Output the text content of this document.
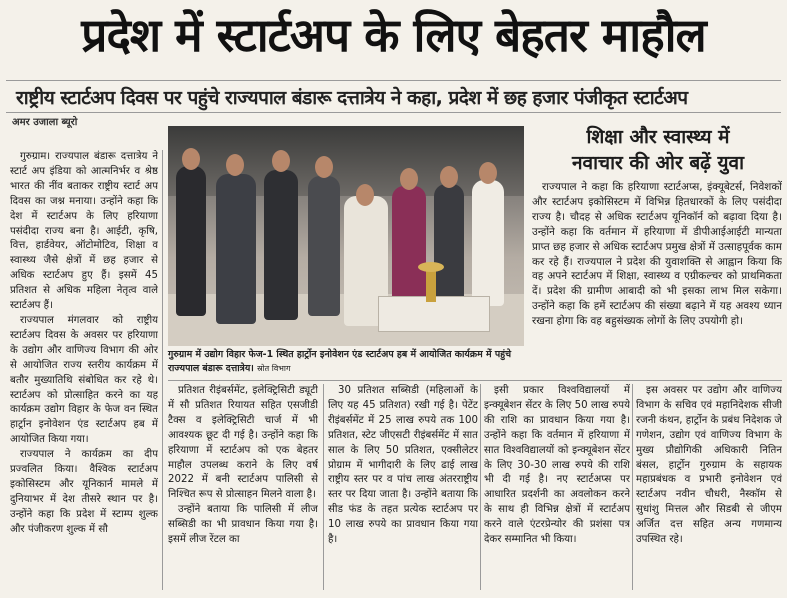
प्रदेश में स्टार्टअप के लिए बेहतर माहौल
राष्ट्रीय स्टार्टअप दिवस पर पहुंचे राज्यपाल बंडारू दत्तात्रेय ने कहा, प्रदेश में छह हजार पंजीकृत स्टार्टअप
अमर उजाला ब्यूरो

गुरुग्राम। राज्यपाल बंडारू दत्तात्रेय ने स्टार्ट अप इंडिया को आत्मनिर्भर व श्रेष्ठ भारत की नींव बताकर राष्ट्रीय स्टार्ट अप दिवस का जश्न मनाया। उन्होंने कहा कि देश में स्टार्टअप के लिए हरियाणा पसंदीदा राज्य बना है। आईटी, कृषि, वित्त, हार्डवेयर, ऑटोमोटिव, शिक्षा व स्वास्थ्य जैसे क्षेत्रों में छह हजार से अधिक स्टार्टअप हुए हैं। इसमें 45 प्रतिशत से अधिक महिला नेतृत्व वाले स्टार्टअप हैं।

राज्यपाल मंगलवार को राष्ट्रीय स्टार्टअप दिवस के अवसर पर हरियाणा के उद्योग और वाणिज्य विभाग की ओर से आयोजित राज्य स्तरीय कार्यक्रम में बतौर मुख्यातिथि संबोधित कर रहे थे। स्टार्टअप को प्रोत्साहित करने का यह कार्यक्रम उद्योग विहार के फेज वन स्थित हार्ट्रान इनोवेशन एंड स्टार्टअप हब में आयोजित किया गया।

राज्यपाल ने कार्यक्रम का दीप प्रज्वलित किया। वैश्विक स्टार्टअप इकोसिस्टम और यूनिकार्न मामले में दुनियाभर में देश तीसरे स्थान पर है। उन्होंने कहा कि प्रदेश में स्टाम्प शुल्क और पंजीकरण शुल्क में सौ

गुरुग्राम में उद्योग विहार फेज-1 स्थित हार्ट्रोन इनोवेशन एंड स्टार्टअप हब में आयोजित कार्यक्रम में पहुंचे राज्यपाल बंडारू दत्तात्रेय। स्रोत विभाग
शिक्षा और स्वास्थ्य में
नवाचार की ओर बढ़ें युवा

राज्यपाल ने कहा कि हरियाणा स्टार्टअप्स, इंक्यूबेटर्स, निवेशकों और स्टार्टअप इकोसिस्टम में विभिन्न हितधारकों के लिए पसंदीदा राज्य है। चौदह से अधिक स्टार्टअप यूनिकॉर्न को बढ़ावा दिया है। उन्होंने कहा कि वर्तमान में हरियाणा में डीपीआईआईटी मान्यता प्राप्त छह हजार से अधिक स्टार्टअप प्रमुख क्षेत्रों में उत्साहपूर्वक काम कर रहे हैं। राज्यपाल ने प्रदेश की युवाशक्ति से आह्वान किया कि वह अपने स्टार्टअप में शिक्षा, स्वास्थ्य व एग्रीकल्चर को प्राथमिकता दें। प्रदेश की ग्रामीण आबादी को भी इसका लाभ मिल सकेगा। उन्होंने कहा कि हमें स्टार्टअप की संख्या बढ़ाने में यह अवश्य ध्यान रखना होगा कि वह बहुसंख्यक लोगों के लिए उपयोगी हो।

प्रतिशत रीइंबर्समेंट, इलेक्ट्रिसिटी ड्यूटी में सौ प्रतिशत रियायत सहित एसजीडी टैक्स व इलेक्ट्रिसिटी चार्ज में भी आवश्यक छूट दी गई है। उन्होंने कहा कि हरियाणा में स्टार्टअप को एक बेहतर माहौल उपलब्ध कराने के लिए वर्ष 2022 में बनी स्टार्टअप पालिसी से निश्चित रूप से प्रोत्साहन मिलने वाला है।

उन्होंने बताया कि पालिसी में लीज सब्सिडी का भी प्रावधान किया गया है। इसमें लीज रेंटल का

30 प्रतिशत सब्सिडी (महिलाओं के लिए यह 45 प्रतिशत) रखी गई है। पेटेंट रीइंबर्समेंट में 25 लाख रुपये तक 100 प्रतिशत, स्टेट जीएसटी रीइंबर्समेंट में सात साल के लिए 50 प्रतिशत, एक्सीलेटर प्रोग्राम में भागीदारी के लिए ढाई लाख राष्ट्रीय स्तर पर व पांच लाख अंतरराष्ट्रीय स्तर पर दिया जाता है। उन्होंने बताया कि सीड फंड के तहत प्रत्येक स्टार्टअप पर 10 लाख रुपये का प्रावधान किया गया है।

इसी प्रकार विश्वविद्यालयों में इन्क्यूबेशन सेंटर के लिए 50 लाख रुपये की राशि का प्रावधान किया गया है। उन्होंने कहा कि वर्तमान में हरियाणा में सात विश्वविद्यालयों को इन्क्यूबेशन सेंटर के लिए 30-30 लाख रुपये की राशि भी दी गई है। नए स्टार्टअप्स पर आधारित प्रदर्शनी का अवलोकन करने के साथ ही विभिन्न क्षेत्रों में स्टार्टअप करने वाले एंटरप्रेन्योर की प्रशंसा पत्र देकर सम्मानित भी किया।

इस अवसर पर उद्योग और वाणिज्य विभाग के सचिव एवं महानिदेशक सीजी रजनी कंथन, हार्ट्रोन के प्रबंध निदेशक जे गणेशन, उद्योग एवं वाणिज्य विभाग के मुख्य प्रौद्योगिकी अधिकारी नितिन बंसल, हार्ट्रोन गुरुग्राम के सहायक महाप्रबंधक व प्रभारी इनोवेशन एवं स्टार्टअप नवीन चौधरी, नैस्कॉम से सुधांशु मित्तल और सिडबी से जीएम अर्जित दत्त सहित अन्य गणमान्य उपस्थित रहे।
